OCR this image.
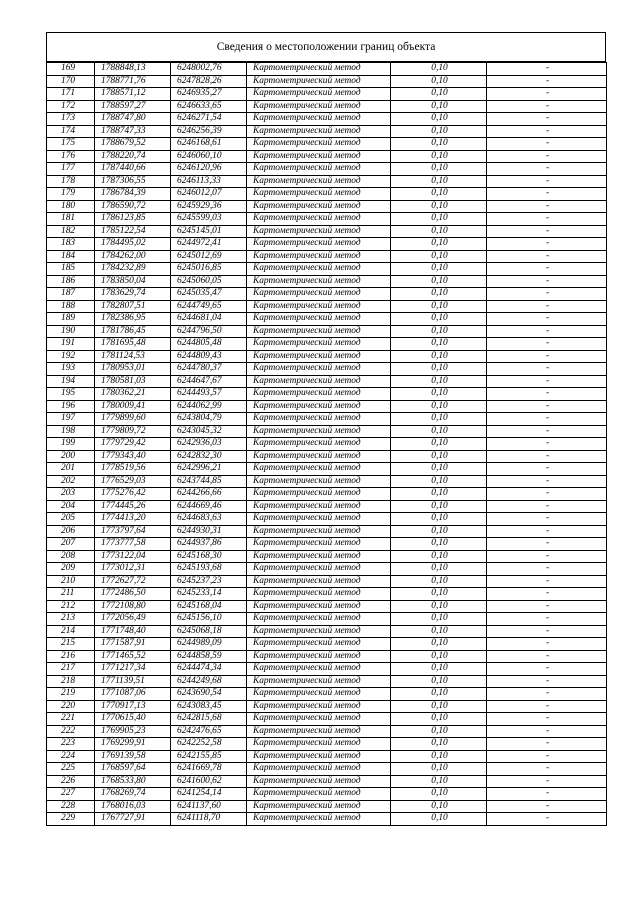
Сведения о местоположении границ объекта
169	1788848,13	6248002,76	Картометрический метод	0,10	-
170	1788771,76	6247828,26	Картометрический метод	0,10	-
171	1788571,12	6246935,27	Картометрический метод	0,10	-
172	1788597,27	6246633,65	Картометрический метод	0,10	-
173	1788747,80	6246271,54	Картометрический метод	0,10	-
174	1788747,33	6246256,39	Картометрический метод	0,10	-
175	1788679,52	6246168,61	Картометрический метод	0,10	-
176	1788220,74	6246060,10	Картометрический метод	0,10	-
177	1787440,66	6246120,96	Картометрический метод	0,10	-
178	1787306,55	6246113,33	Картометрический метод	0,10	-
179	1786784,39	6246012,07	Картометрический метод	0,10	-
180	1786590,72	6245929,36	Картометрический метод	0,10	-
181	1786123,85	6245599,03	Картометрический метод	0,10	-
182	1785122,54	6245145,01	Картометрический метод	0,10	-
183	1784495,02	6244972,41	Картометрический метод	0,10	-
184	1784262,00	6245012,69	Картометрический метод	0,10	-
185	1784232,89	6245016,85	Картометрический метод	0,10	-
186	1783850,04	6245060,05	Картометрический метод	0,10	-
187	1783629,74	6245035,47	Картометрический метод	0,10	-
188	1782807,51	6244749,65	Картометрический метод	0,10	-
189	1782386,95	6244681,04	Картометрический метод	0,10	-
190	1781786,45	6244796,50	Картометрический метод	0,10	-
191	1781695,48	6244805,48	Картометрический метод	0,10	-
192	1781124,53	6244809,43	Картометрический метод	0,10	-
193	1780953,01	6244780,37	Картометрический метод	0,10	-
194	1780581,03	6244647,67	Картометрический метод	0,10	-
195	1780362,21	6244493,57	Картометрический метод	0,10	-
196	1780009,41	6244062,99	Картометрический метод	0,10	-
197	1779899,60	6243804,79	Картометрический метод	0,10	-
198	1779809,72	6243045,32	Картометрический метод	0,10	-
199	1779729,42	6242936,03	Картометрический метод	0,10	-
200	1779343,40	6242832,30	Картометрический метод	0,10	-
201	1778519,56	6242996,21	Картометрический метод	0,10	-
202	1776529,03	6243744,85	Картометрический метод	0,10	-
203	1775276,42	6244266,66	Картометрический метод	0,10	-
204	1774445,26	6244669,46	Картометрический метод	0,10	-
205	1774413,20	6244683,63	Картометрический метод	0,10	-
206	1773797,64	6244930,31	Картометрический метод	0,10	-
207	1773777,58	6244937,86	Картометрический метод	0,10	-
208	1773122,04	6245168,30	Картометрический метод	0,10	-
209	1773012,31	6245193,68	Картометрический метод	0,10	-
210	1772627,72	6245237,23	Картометрический метод	0,10	-
211	1772486,50	6245233,14	Картометрический метод	0,10	-
212	1772108,80	6245168,04	Картометрический метод	0,10	-
213	1772056,49	6245156,10	Картометрический метод	0,10	-
214	1771748,40	6245068,18	Картометрический метод	0,10	-
215	1771587,91	6244989,09	Картометрический метод	0,10	-
216	1771465,52	6244858,59	Картометрический метод	0,10	-
217	1771217,34	6244474,34	Картометрический метод	0,10	-
218	1771139,51	6244249,68	Картометрический метод	0,10	-
219	1771087,06	6243690,54	Картометрический метод	0,10	-
220	1770917,13	6243083,45	Картометрический метод	0,10	-
221	1770615,40	6242815,68	Картометрический метод	0,10	-
222	1769905,23	6242476,65	Картометрический метод	0,10	-
223	1769299,91	6242252,58	Картометрический метод	0,10	-
224	1769139,58	6242155,85	Картометрический метод	0,10	-
225	1768597,64	6241669,78	Картометрический метод	0,10	-
226	1768533,80	6241600,62	Картометрический метод	0,10	-
227	1768269,74	6241254,14	Картометрический метод	0,10	-
228	1768016,03	6241137,60	Картометрический метод	0,10	-
229	1767727,91	6241118,70	Картометрический метод	0,10	-
